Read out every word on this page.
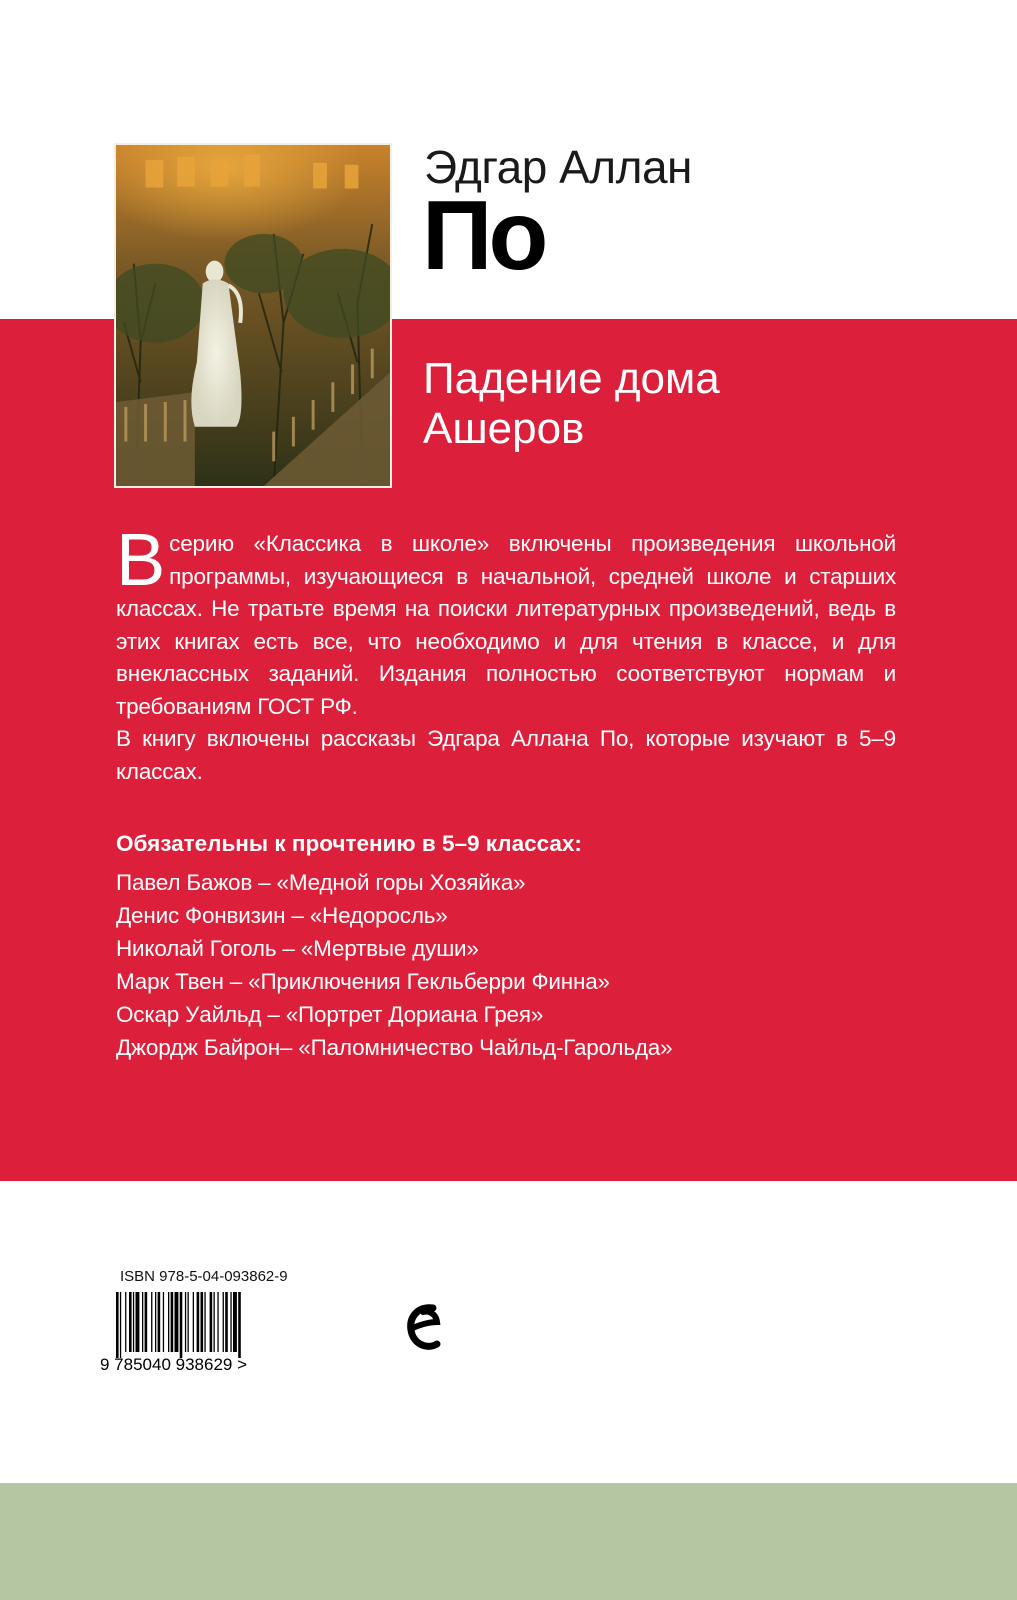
Эдгар Аллан
По
Падение дома
Ашеров

Всерию «Классика в школе» включены произведения школьной программы, изучающиеся в начальной, средней школе и старших классах. Не тратьте время на поиски литературных произведений, ведь в этих книгах есть все, что необходимо и для чтения в классе, и для внеклассных заданий. Издания полностью соответствуют нормам и требованиям ГОСТ РФ.

В книгу включены рассказы Эдгара Аллана По, которые изучают в 5–9 классах.

Обязательны к прочтению в 5–9 классах:
Павел Бажов – «Медной горы Хозяйка»
Денис Фонвизин – «Недоросль»
Николай Гоголь – «Мертвые души»
Марк Твен – «Приключения Гекльберри Финна»
Оскар Уайльд – «Портрет Дориана Грея»
Джордж Байрон– «Паломничество Чайльд-Гарольда»
ISBN 978-5-04-093862-9
9 785040 938629 >
